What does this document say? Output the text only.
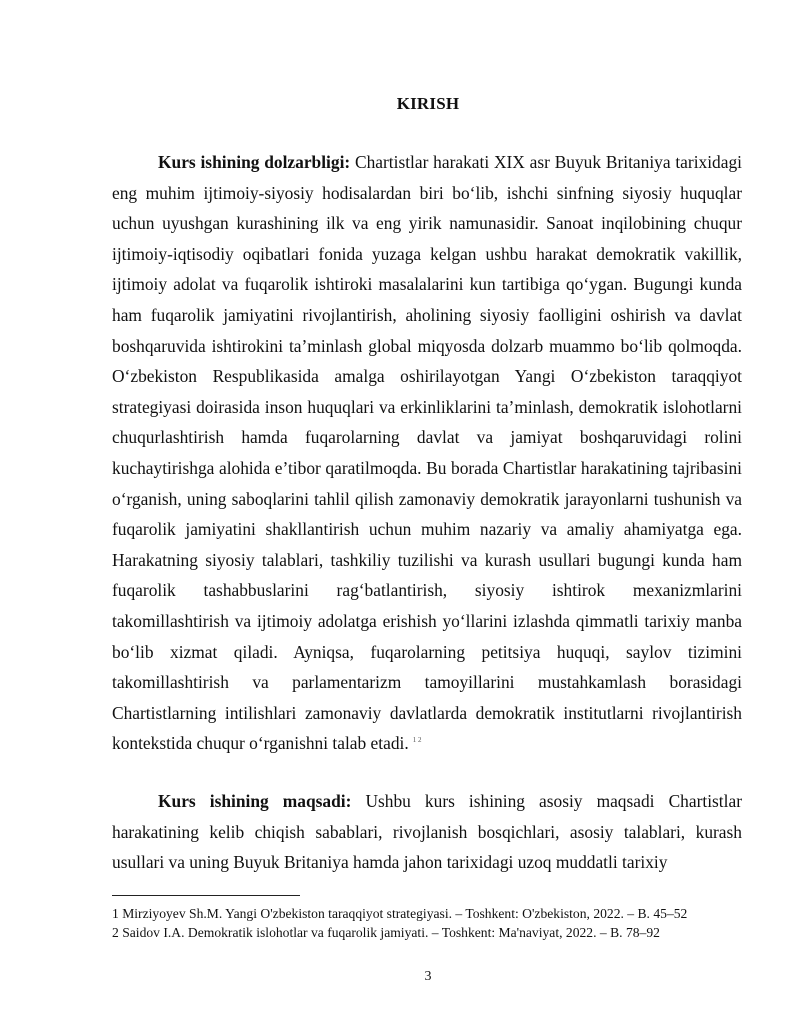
KIRISH

Kurs ishining dolzarbligi: Chartistlar harakati XIX asr Buyuk Britaniya tarixidagi eng muhim ijtimoiy-siyosiy hodisalardan biri bo‘lib, ishchi sinfning siyosiy huquqlar uchun uyushgan kurashining ilk va eng yirik namunasidir. Sanoat inqilobining chuqur ijtimoiy-iqtisodiy oqibatlari fonida yuzaga kelgan ushbu harakat demokratik vakillik, ijtimoiy adolat va fuqarolik ishtiroki masalalarini kun tartibiga qo‘ygan. Bugungi kunda ham fuqarolik jamiyatini rivojlantirish, aholining siyosiy faolligini oshirish va davlat boshqaruvida ishtirokini ta’minlash global miqyosda dolzarb muammo bo‘lib qolmoqda. O‘zbekiston Respublikasida amalga oshirilayotgan Yangi O‘zbekiston taraqqiyot strategiyasi doirasida inson huquqlari va erkinliklarini ta’minlash, demokratik islohotlarni chuqurlashtirish hamda fuqarolarning davlat va jamiyat boshqaruvidagi rolini kuchaytirishga alohida e’tibor qaratilmoqda. Bu borada Chartistlar harakatining tajribasini o‘rganish, uning saboqlarini tahlil qilish zamonaviy demokratik jarayonlarni tushunish va fuqarolik jamiyatini shakllantirish uchun muhim nazariy va amaliy ahamiyatga ega. Harakatning siyosiy talablari, tashkiliy tuzilishi va kurash usullari bugungi kunda ham fuqarolik tashabbuslarini rag‘batlantirish, siyosiy ishtirok mexanizmlarini takomillashtirish va ijtimoiy adolatga erishish yo‘llarini izlashda qimmatli tarixiy manba bo‘lib xizmat qiladi. Ayniqsa, fuqarolarning petitsiya huquqi, saylov tizimini takomillashtirish va parlamentarizm tamoyillarini mustahkamlash borasidagi Chartistlarning intilishlari zamonaviy davlatlarda demokratik institutlarni rivojlantirish kontekstida chuqur o‘rganishni talab etadi. $^{1 2}$

Kurs ishining maqsadi: Ushbu kurs ishining asosiy maqsadi Chartistlar harakatining kelib chiqish sabablari, rivojlanish bosqichlari, asosiy talablari, kurash usullari va uning Buyuk Britaniya hamda jahon tarixidagi uzoq muddatli tarixiy

1 Mirziyoyev Sh.M. Yangi O'zbekiston taraqqiyot strategiyasi. – Toshkent: O'zbekiston, 2022. – B. 45–52
2 Saidov I.A. Demokratik islohotlar va fuqarolik jamiyati. – Toshkent: Ma'naviyat, 2022. – B. 78–92
3
